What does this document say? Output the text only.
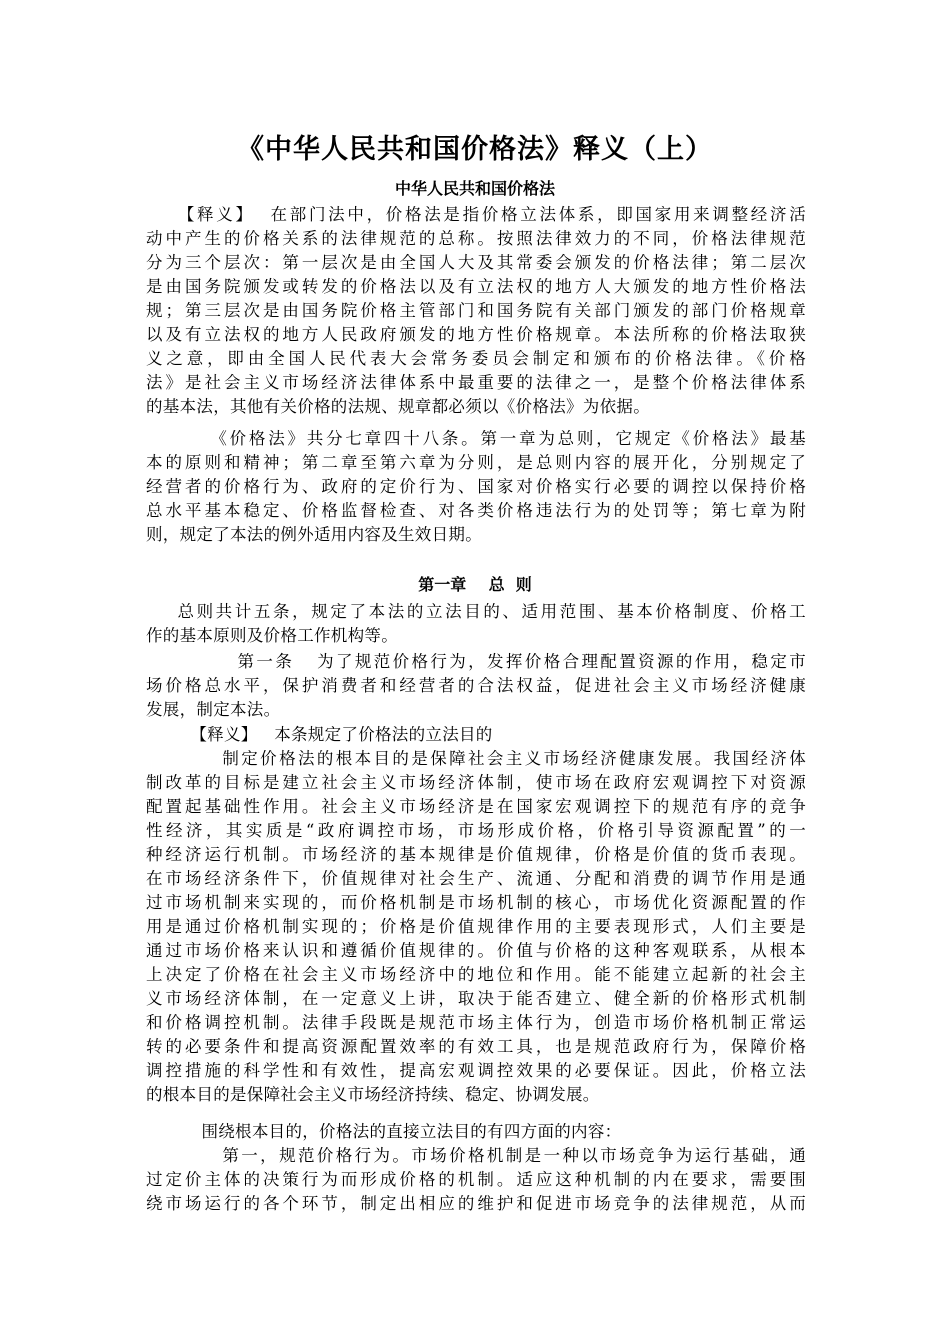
《中华人民共和国价格法》释义（上）
中华人民共和国价格法
【释义】  在部门法中，价格法是指价格立法体系，即国家用来调整经济活
动中产生的价格关系的法律规范的总称。按照法律效力的不同，价格法律规范
分为三个层次：第一层次是由全国人大及其常委会颁发的价格法律；第二层次
是由国务院颁发或转发的价格法以及有立法权的地方人大颁发的地方性价格法
规；第三层次是由国务院价格主管部门和国务院有关部门颁发的部门价格规章
以及有立法权的地方人民政府颁发的地方性价格规章。本法所称的价格法取狭
义之意，即由全国人民代表大会常务委员会制定和颁布的价格法律。《价格
法》是社会主义市场经济法律体系中最重要的法律之一，是整个价格法律体系
的基本法，其他有关价格的法规、规章都必须以《价格法》为依据。
《价格法》共分七章四十八条。第一章为总则，它规定《价格法》最基
本的原则和精神；第二章至第六章为分则，是总则内容的展开化，分别规定了
经营者的价格行为、政府的定价行为、国家对价格实行必要的调控以保持价格
总水平基本稳定、价格监督检查、对各类价格违法行为的处罚等；第七章为附
则，规定了本法的例外适用内容及生效日期。
第一章    总  则
总则共计五条，规定了本法的立法目的、适用范围、基本价格制度、价格工
作的基本原则及价格工作机构等。
第一条   为了规范价格行为，发挥价格合理配置资源的作用，稳定市
场价格总水平，保护消费者和经营者的合法权益，促进社会主义市场经济健康
发展，制定本法。
【释义】   本条规定了价格法的立法目的
制定价格法的根本目的是保障社会主义市场经济健康发展。我国经济体
制改革的目标是建立社会主义市场经济体制，使市场在政府宏观调控下对资源
配置起基础性作用。社会主义市场经济是在国家宏观调控下的规范有序的竞争
性经济，其实质是“政府调控市场，市场形成价格，价格引导资源配置”的一
种经济运行机制。市场经济的基本规律是价值规律，价格是价值的货币表现。
在市场经济条件下，价值规律对社会生产、流通、分配和消费的调节作用是通
过市场机制来实现的，而价格机制是市场机制的核心，市场优化资源配置的作
用是通过价格机制实现的；价格是价值规律作用的主要表现形式，人们主要是
通过市场价格来认识和遵循价值规律的。价值与价格的这种客观联系，从根本
上决定了价格在社会主义市场经济中的地位和作用。能不能建立起新的社会主
义市场经济体制，在一定意义上讲，取决于能否建立、健全新的价格形式机制
和价格调控机制。法律手段既是规范市场主体行为，创造市场价格机制正常运
转的必要条件和提高资源配置效率的有效工具，也是规范政府行为，保障价格
调控措施的科学性和有效性，提高宏观调控效果的必要保证。因此，价格立法
的根本目的是保障社会主义市场经济持续、稳定、协调发展。
围绕根本目的，价格法的直接立法目的有四方面的内容：
第一，规范价格行为。市场价格机制是一种以市场竞争为运行基础，通
过定价主体的决策行为而形成价格的机制。适应这种机制的内在要求，需要围
绕市场运行的各个环节，制定出相应的维护和促进市场竞争的法律规范，从而
